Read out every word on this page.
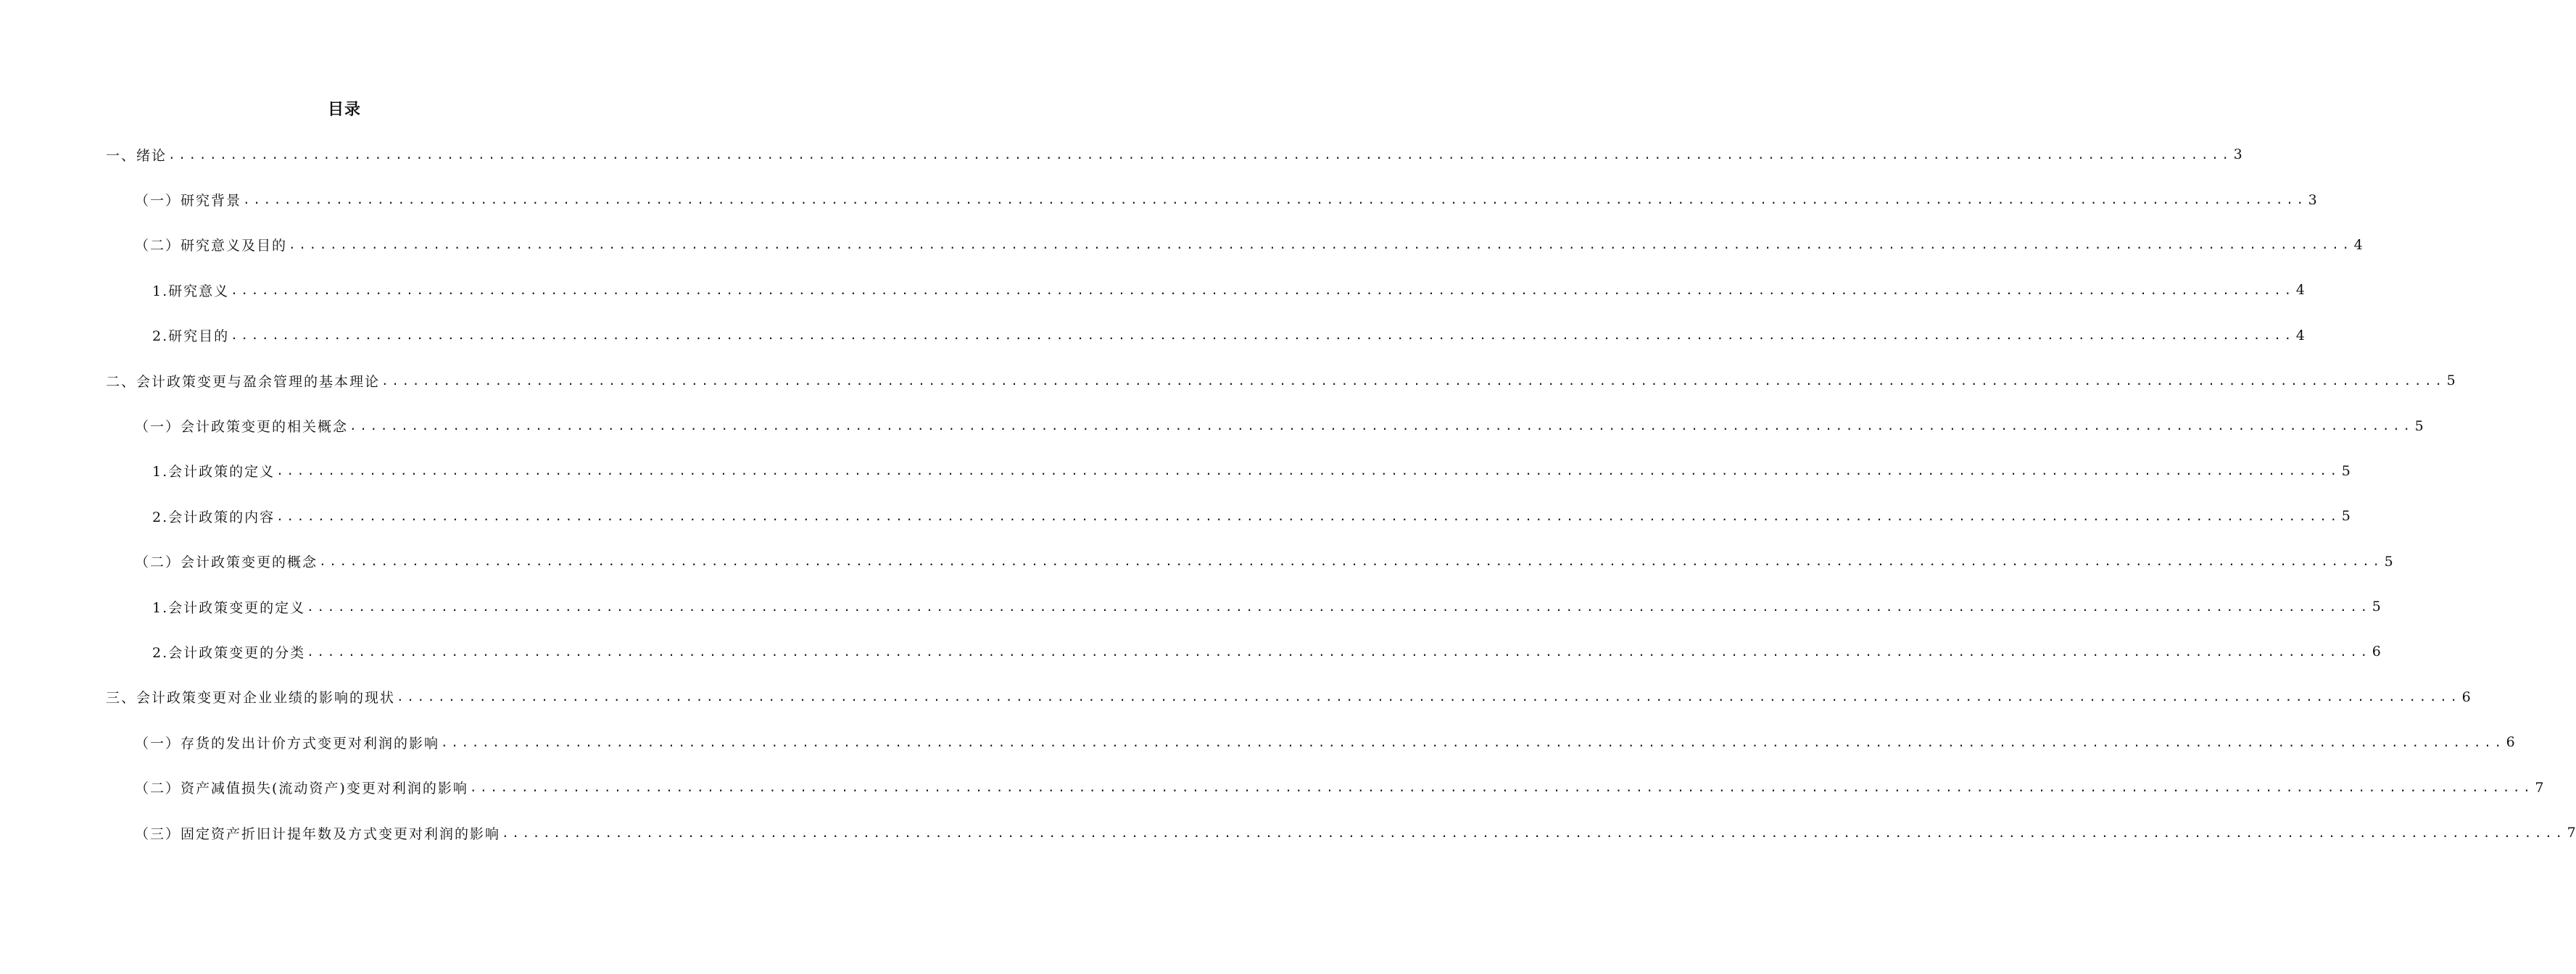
目录
一、绪论 ........................................................................................................................................................................................................ 3
（一）研究背景 ........................................................................................................................................................................................................ 3
（二）研究意义及目的 ........................................................................................................................................................................................................ 4
1.研究意义 ........................................................................................................................................................................................................ 4
2.研究目的 ........................................................................................................................................................................................................ 4
二、会计政策变更与盈余管理的基本理论 ........................................................................................................................................................................................................ 5
（一）会计政策变更的相关概念 ........................................................................................................................................................................................................ 5
1.会计政策的定义 ........................................................................................................................................................................................................ 5
2.会计政策的内容 ........................................................................................................................................................................................................ 5
（二）会计政策变更的概念 ........................................................................................................................................................................................................ 5
1.会计政策变更的定义 ........................................................................................................................................................................................................ 5
2.会计政策变更的分类 ........................................................................................................................................................................................................ 6
三、会计政策变更对企业业绩的影响的现状 ........................................................................................................................................................................................................ 6
（一）存货的发出计价方式变更对利润的影响 ........................................................................................................................................................................................................ 6
（二）资产减值损失(流动资产)变更对利润的影响 ........................................................................................................................................................................................................ 7
（三）固定资产折旧计提年数及方式变更对利润的影响 ........................................................................................................................................................................................................ 7
